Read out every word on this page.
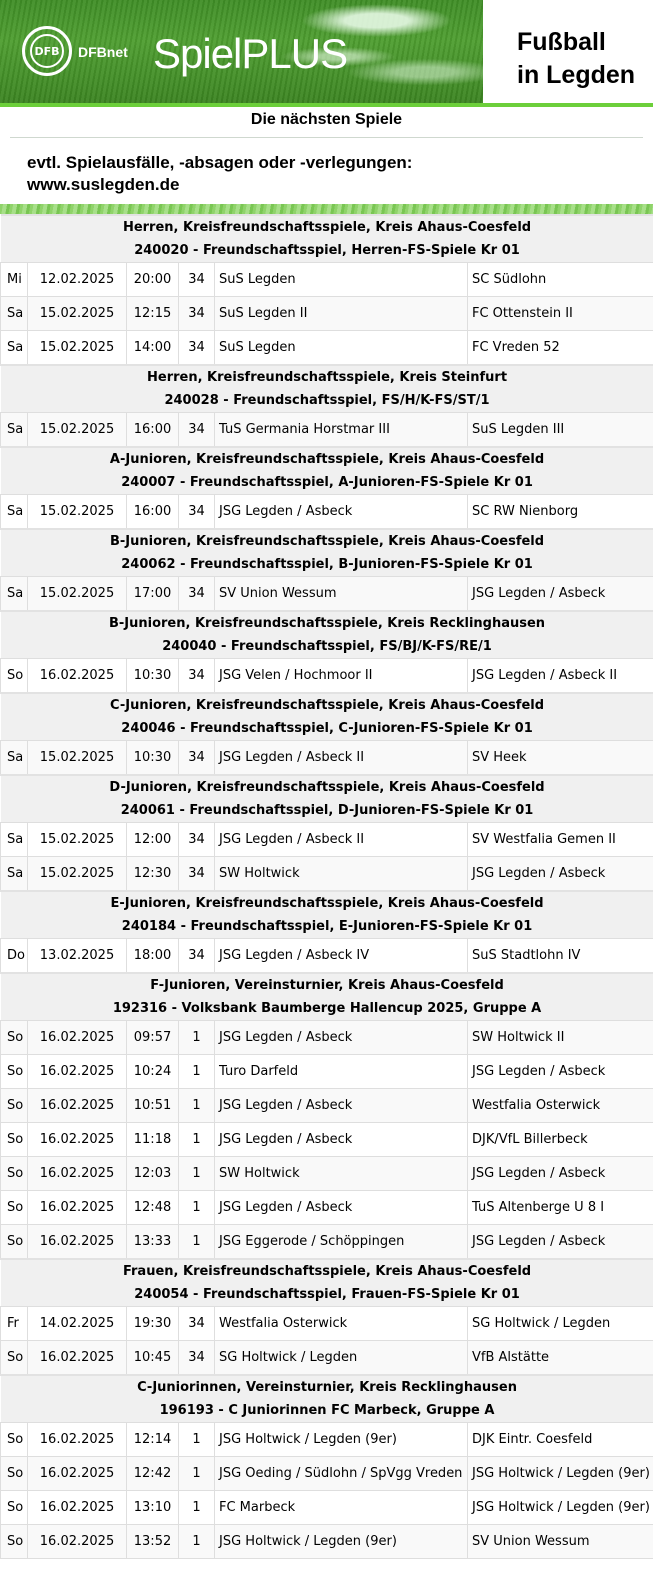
DFB	DFBnet SpielPLUS	Fußball
in Legden
Die nächsten Spiele
evtl. Spielausfälle, -absagen oder -verlegungen:
www.suslegden.de
Herren, Kreisfreundschaftsspiele, Kreis Ahaus-Coesfeld					
240020 - Freundschaftsspiel, Herren-FS-Spiele Kr 01					
Mi	12.02.2025	20:00	34	SuS Legden	SC Südlohn
Sa	15.02.2025	12:15	34	SuS Legden II	FC Ottenstein II
Sa	15.02.2025	14:00	34	SuS Legden	FC Vreden 52
Herren, Kreisfreundschaftsspiele, Kreis Steinfurt					
240028 - Freundschaftsspiel, FS/H/K-FS/ST/1					
Sa	15.02.2025	16:00	34	TuS Germania Horstmar III	SuS Legden III
A-Junioren, Kreisfreundschaftsspiele, Kreis Ahaus-Coesfeld					
240007 - Freundschaftsspiel, A-Junioren-FS-Spiele Kr 01					
Sa	15.02.2025	16:00	34	JSG Legden / Asbeck	SC RW Nienborg
B-Junioren, Kreisfreundschaftsspiele, Kreis Ahaus-Coesfeld					
240062 - Freundschaftsspiel, B-Junioren-FS-Spiele Kr 01					
Sa	15.02.2025	17:00	34	SV Union Wessum	JSG Legden / Asbeck
B-Junioren, Kreisfreundschaftsspiele, Kreis Recklinghausen					
240040 - Freundschaftsspiel, FS/BJ/K-FS/RE/1					
So	16.02.2025	10:30	34	JSG Velen / Hochmoor II	JSG Legden / Asbeck II
C-Junioren, Kreisfreundschaftsspiele, Kreis Ahaus-Coesfeld					
240046 - Freundschaftsspiel, C-Junioren-FS-Spiele Kr 01					
Sa	15.02.2025	10:30	34	JSG Legden / Asbeck II	SV Heek
D-Junioren, Kreisfreundschaftsspiele, Kreis Ahaus-Coesfeld					
240061 - Freundschaftsspiel, D-Junioren-FS-Spiele Kr 01					
Sa	15.02.2025	12:00	34	JSG Legden / Asbeck II	SV Westfalia Gemen II
Sa	15.02.2025	12:30	34	SW Holtwick	JSG Legden / Asbeck
E-Junioren, Kreisfreundschaftsspiele, Kreis Ahaus-Coesfeld					
240184 - Freundschaftsspiel, E-Junioren-FS-Spiele Kr 01					
Do	13.02.2025	18:00	34	JSG Legden / Asbeck IV	SuS Stadtlohn IV
F-Junioren, Vereinsturnier, Kreis Ahaus-Coesfeld					
192316 - Volksbank Baumberge Hallencup 2025, Gruppe A					
So	16.02.2025	09:57	1	JSG Legden / Asbeck	SW Holtwick II
So	16.02.2025	10:24	1	Turo Darfeld	JSG Legden / Asbeck
So	16.02.2025	10:51	1	JSG Legden / Asbeck	Westfalia Osterwick
So	16.02.2025	11:18	1	JSG Legden / Asbeck	DJK/VfL Billerbeck
So	16.02.2025	12:03	1	SW Holtwick	JSG Legden / Asbeck
So	16.02.2025	12:48	1	JSG Legden / Asbeck	TuS Altenberge U 8 I
So	16.02.2025	13:33	1	JSG Eggerode / Schöppingen	JSG Legden / Asbeck
Frauen, Kreisfreundschaftsspiele, Kreis Ahaus-Coesfeld					
240054 - Freundschaftsspiel, Frauen-FS-Spiele Kr 01					
Fr	14.02.2025	19:30	34	Westfalia Osterwick	SG Holtwick / Legden
So	16.02.2025	10:45	34	SG Holtwick / Legden	VfB Alstätte
C-Juniorinnen, Vereinsturnier, Kreis Recklinghausen					
196193 - C Juniorinnen FC Marbeck, Gruppe A					
So	16.02.2025	12:14	1	JSG Holtwick / Legden (9er)	DJK Eintr. Coesfeld
So	16.02.2025	12:42	1	JSG Oeding / Südlohn / SpVgg Vreden	JSG Holtwick / Legden (9er)
So	16.02.2025	13:10	1	FC Marbeck	JSG Holtwick / Legden (9er)
So	16.02.2025	13:52	1	JSG Holtwick / Legden (9er)	SV Union Wessum
